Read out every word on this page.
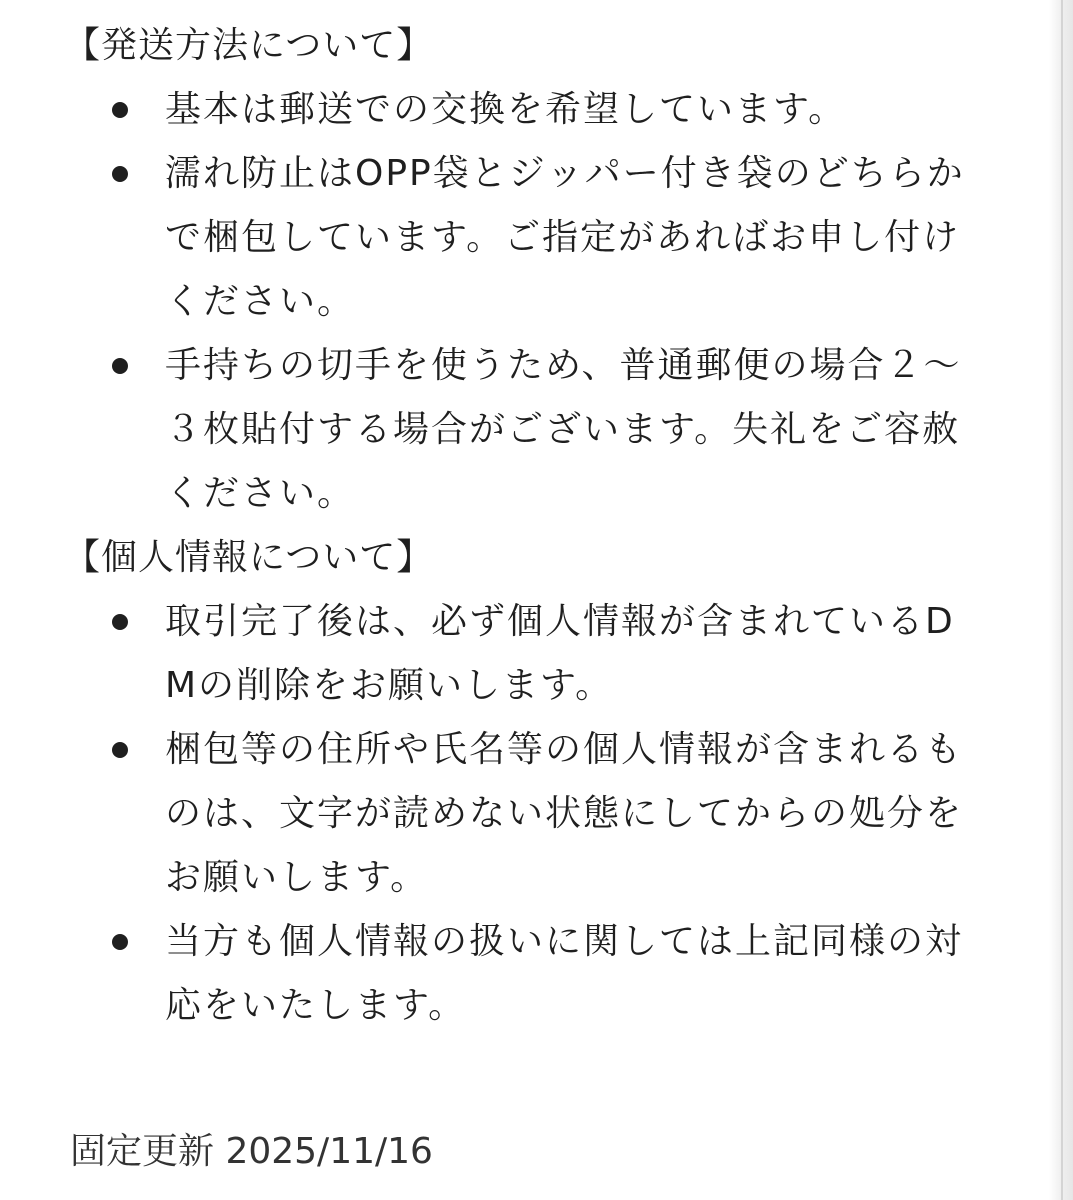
【発送方法について】
基本は郵送での交換を希望しています。
濡れ防止はOPP袋とジッパー付き袋のどちらかで梱包しています。ご指定があればお申し付けください。
手持ちの切手を使うため、普通郵便の場合２〜３枚貼付する場合がございます。失礼をご容赦ください。
【個人情報について】
取引完了後は、必ず個人情報が含まれているDMの削除をお願いします。
梱包等の住所や氏名等の個人情報が含まれるものは、文字が読めない状態にしてからの処分をお願いします。
当方も個人情報の扱いに関しては上記同様の対応をいたします。
固定更新 2025/11/16
